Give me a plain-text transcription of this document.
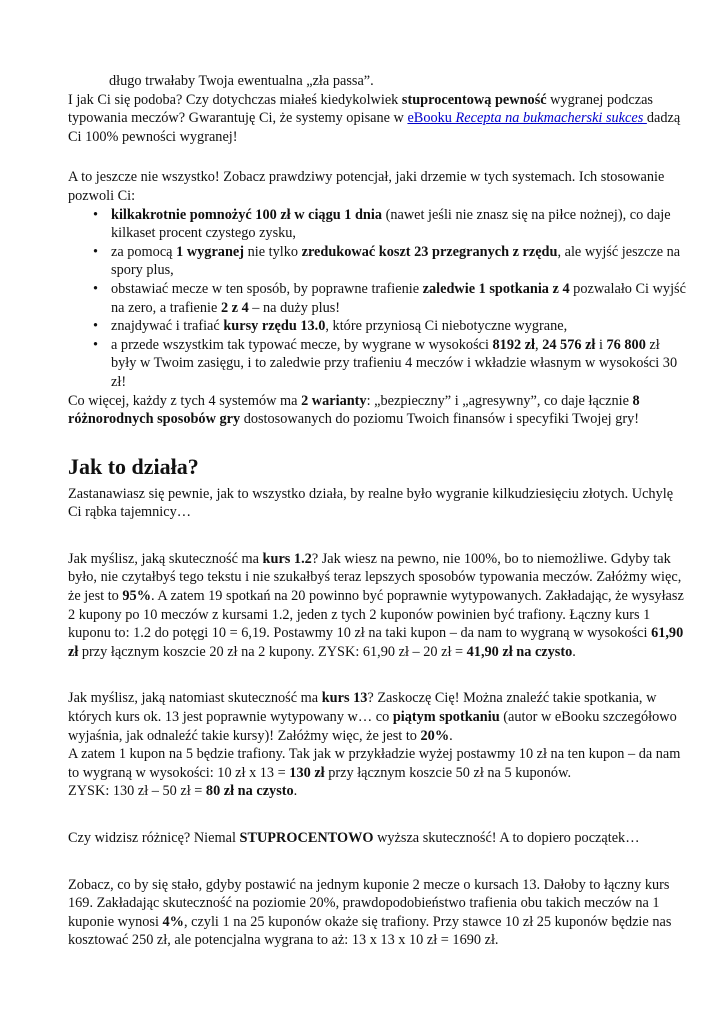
długo trwałaby Twoja ewentualna „zła passa”.

I jak Ci się podoba? Czy dotychczas miałeś kiedykolwiek stuprocentową pewność wygranej podczas typowania meczów? Gwarantuję Ci, że systemy opisane w eBooku Recepta na bukmacherski sukces dadzą Ci 100% pewności wygranej!

A to jeszcze nie wszystko! Zobacz prawdziwy potencjał, jaki drzemie w tych systemach. Ich stosowanie pozwoli Ci:

• kilkakrotnie pomnożyć 100 zł w ciągu 1 dnia (nawet jeśli nie znasz się na piłce nożnej), co daje kilkaset procent czystego zysku,
• za pomocą 1 wygranej nie tylko zredukować koszt 23 przegranych z rzędu, ale wyjść jeszcze na spory plus,
• obstawiać mecze w ten sposób, by poprawne trafienie zaledwie 1 spotkania z 4 pozwalało Ci wyjść na zero, a trafienie 2 z 4 – na duży plus!
• znajdywać i trafiać kursy rzędu 13.0, które przyniosą Ci niebotyczne wygrane,
• a przede wszystkim tak typować mecze, by wygrane w wysokości 8192 zł, 24 576 zł i 76 800 zł były w Twoim zasięgu, i to zaledwie przy trafieniu 4 meczów i wkładzie własnym w wysokości 30 zł!

Co więcej, każdy z tych 4 systemów ma 2 warianty: „bezpieczny” i „agresywny”, co daje łącznie 8 różnorodnych sposobów gry dostosowanych do poziomu Twoich finansów i specyfiki Twojej gry!

Jak to działa?

Zastanawiasz się pewnie, jak to wszystko działa, by realne było wygranie kilkudziesięciu złotych. Uchylę Ci rąbka tajemnicy…

Jak myślisz, jaką skuteczność ma kurs 1.2? Jak wiesz na pewno, nie 100%, bo to niemożliwe. Gdyby tak było, nie czytałbyś tego tekstu i nie szukałbyś teraz lepszych sposobów typowania meczów. Załóżmy więc, że jest to 95%. A zatem 19 spotkań na 20 powinno być poprawnie wytypowanych. Zakładając, że wysyłasz 2 kupony po 10 meczów z kursami 1.2, jeden z tych 2 kuponów powinien być trafiony. Łączny kurs 1 kuponu to: 1.2 do potęgi 10 = 6,19. Postawmy 10 zł na taki kupon – da nam to wygraną w wysokości 61,90 zł przy łącznym koszcie 20 zł na 2 kupony. ZYSK: 61,90 zł – 20 zł = 41,90 zł na czysto.

Jak myślisz, jaką natomiast skuteczność ma kurs 13? Zaskoczę Cię! Można znaleźć takie spotkania, w których kurs ok. 13 jest poprawnie wytypowany w… co piątym spotkaniu (autor w eBooku szczegółowo wyjaśnia, jak odnaleźć takie kursy)! Załóżmy więc, że jest to 20%.

A zatem 1 kupon na 5 będzie trafiony. Tak jak w przykładzie wyżej postawmy 10 zł na ten kupon – da nam to wygraną w wysokości: 10 zł x 13 = 130 zł przy łącznym koszcie 50 zł na 5 kuponów.

ZYSK: 130 zł – 50 zł = 80 zł na czysto.

Czy widzisz różnicę? Niemal STUPROCENTOWO wyższa skuteczność! A to dopiero początek…

Zobacz, co by się stało, gdyby postawić na jednym kuponie 2 mecze o kursach 13. Dałoby to łączny kurs 169. Zakładając skuteczność na poziomie 20%, prawdopodobieństwo trafienia obu takich meczów na 1 kuponie wynosi 4%, czyli 1 na 25 kuponów okaże się trafiony. Przy stawce 10 zł 25 kuponów będzie nas kosztować 250 zł, ale potencjalna wygrana to aż: 13 x 13 x 10 zł = 1690 zł.
